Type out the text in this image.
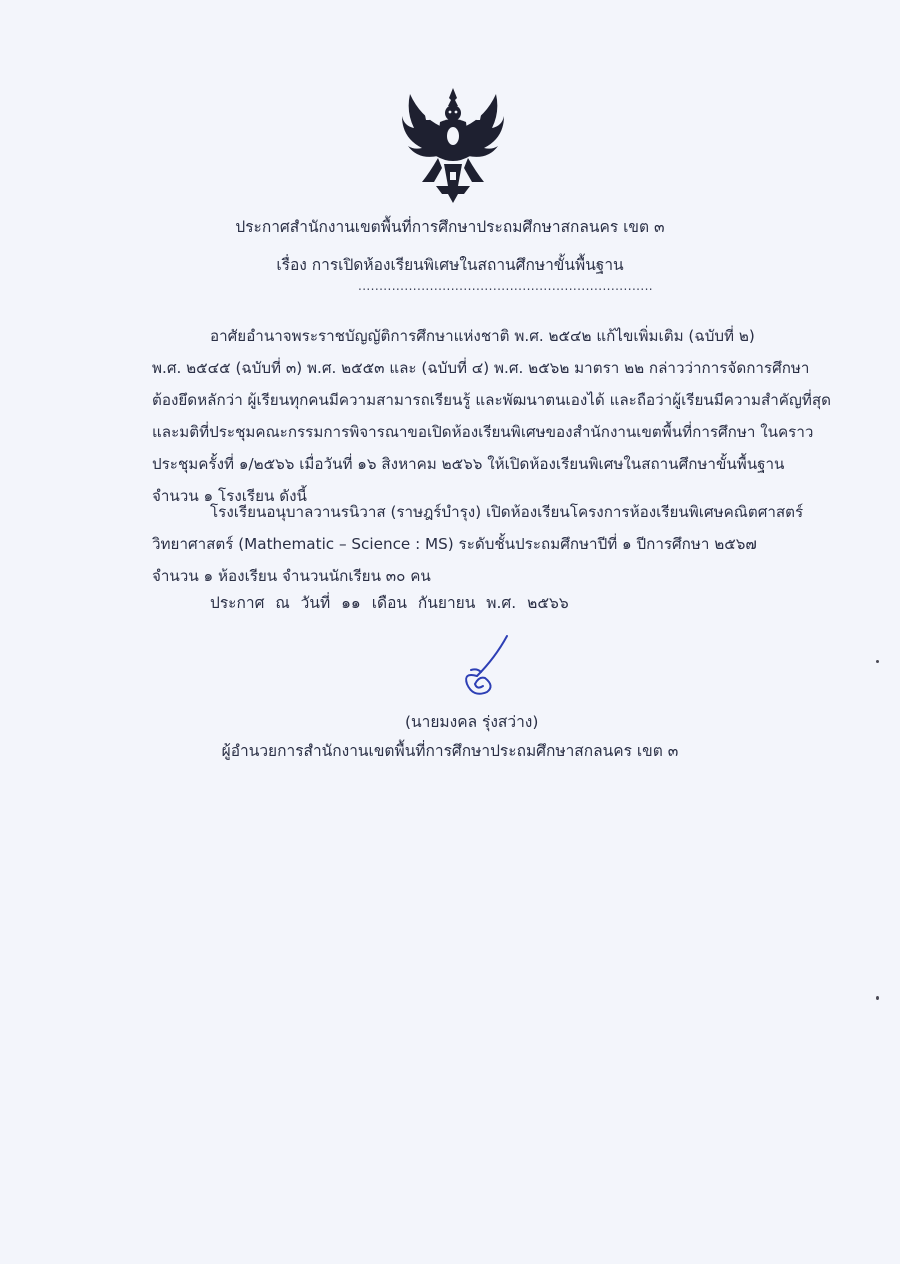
ประกาศสำนักงานเขตพื้นที่การศึกษาประถมศึกษาสกลนคร เขต ๓
เรื่อง การเปิดห้องเรียนพิเศษในสถานศึกษาขั้นพื้นฐาน
......................................................................
อาศัยอำนาจพระราชบัญญัติการศึกษาแห่งชาติ พ.ศ. ๒๕๔๒ แก้ไขเพิ่มเติม (ฉบับที่ ๒)
พ.ศ. ๒๕๔๕ (ฉบับที่ ๓) พ.ศ. ๒๕๕๓ และ (ฉบับที่ ๔) พ.ศ. ๒๕๖๒ มาตรา ๒๒ กล่าวว่าการจัดการศึกษา
ต้องยึดหลักว่า ผู้เรียนทุกคนมีความสามารถเรียนรู้ และพัฒนาตนเองได้ และถือว่าผู้เรียนมีความสำคัญที่สุด
และมติที่ประชุมคณะกรรมการพิจารณาขอเปิดห้องเรียนพิเศษของสำนักงานเขตพื้นที่การศึกษา ในคราว
ประชุมครั้งที่ ๑/๒๕๖๖ เมื่อวันที่ ๑๖ สิงหาคม ๒๕๖๖ ให้เปิดห้องเรียนพิเศษในสถานศึกษาขั้นพื้นฐาน
จำนวน ๑ โรงเรียน ดังนี้
โรงเรียนอนุบาลวานรนิวาส (ราษฎร์บำรุง) เปิดห้องเรียนโครงการห้องเรียนพิเศษคณิตศาสตร์
วิทยาศาสตร์ (Mathematic – Science : MS) ระดับชั้นประถมศึกษาปีที่ ๑ ปีการศึกษา ๒๕๖๗
จำนวน ๑ ห้องเรียน จำนวนนักเรียน ๓๐ คน
ประกาศ ณ วันที่ ๑๑ เดือน กันยายน พ.ศ. ๒๕๖๖
(นายมงคล รุ่งสว่าง)
ผู้อำนวยการสำนักงานเขตพื้นที่การศึกษาประถมศึกษาสกลนคร เขต ๓
